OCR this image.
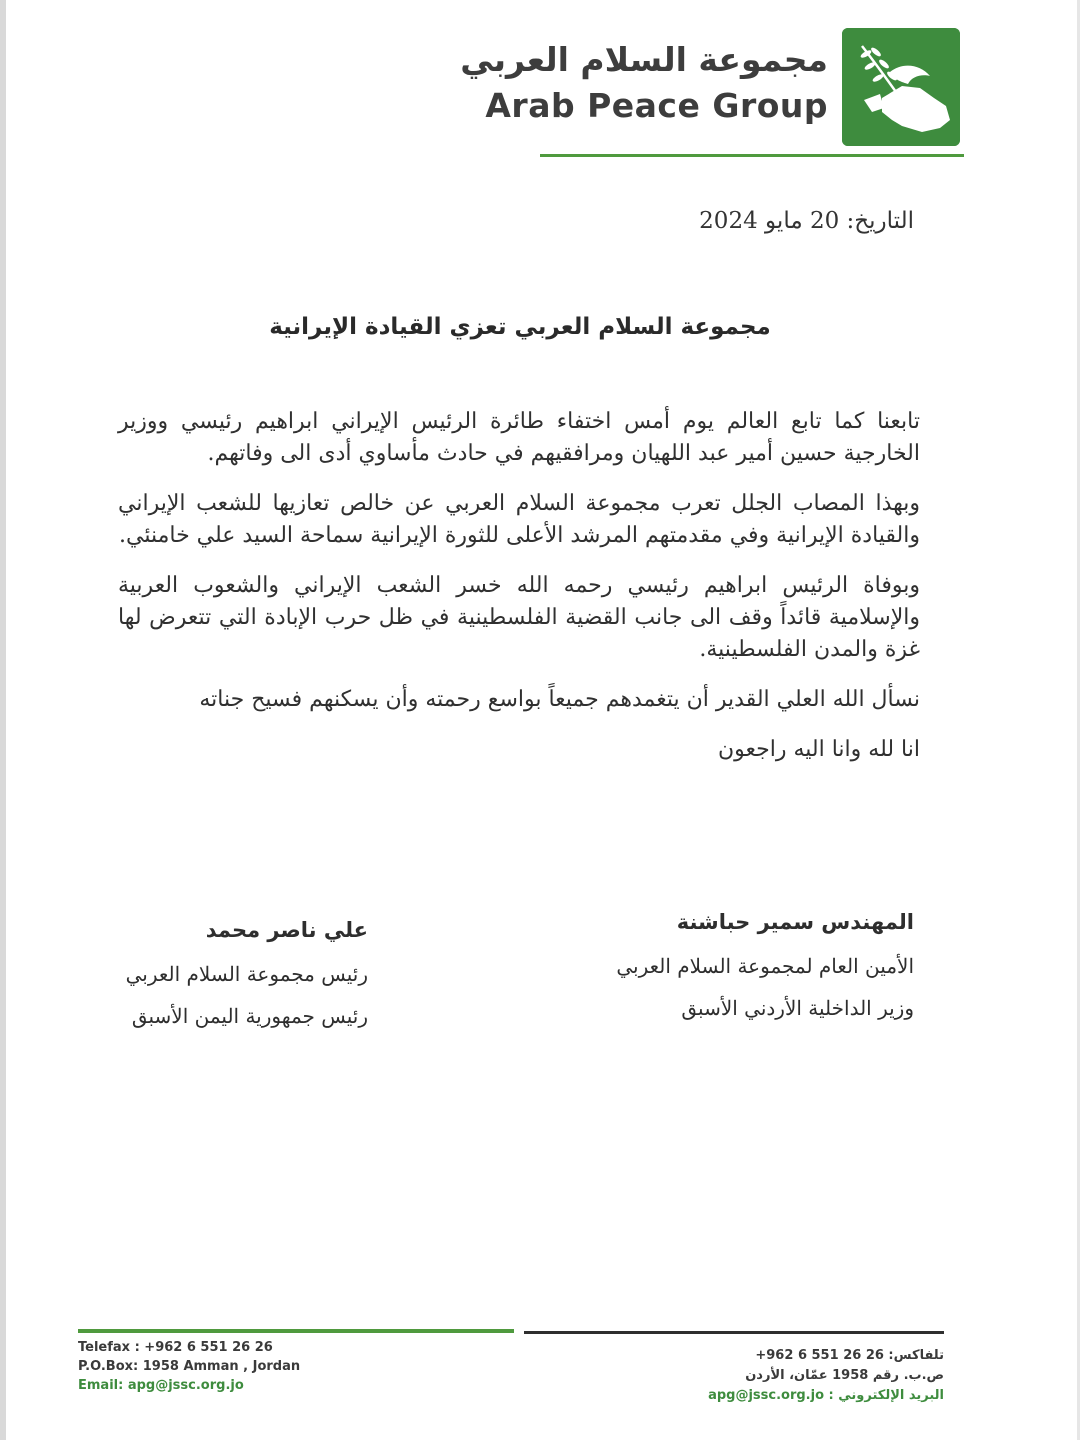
مجموعة السلام العربي
Arab Peace Group
التاريخ: 20 مايو 2024
مجموعة السلام العربي تعزي القيادة الإيرانية

تابعنا كما تابع العالم يوم أمس اختفاء طائرة الرئيس الإيراني ابراهيم رئيسي ووزير الخارجية حسين أمير عبد اللهيان ومرافقيهم في حادث مأساوي أدى الى وفاتهم.

وبهذا المصاب الجلل تعرب مجموعة السلام العربي عن خالص تعازيها للشعب الإيراني والقيادة الإيرانية وفي مقدمتهم المرشد الأعلى للثورة الإيرانية سماحة السيد علي خامنئي.

وبوفاة الرئيس ابراهيم رئيسي رحمه الله خسر الشعب الإيراني والشعوب العربية والإسلامية قائداً وقف الى جانب القضية الفلسطينية في ظل حرب الإبادة التي تتعرض لها غزة والمدن الفلسطينية.

نسأل الله العلي القدير أن يتغمدهم جميعاً بواسع رحمته وأن يسكنهم فسيح جناته

انا لله وانا اليه راجعون

المهندس سمير حباشنة
الأمين العام لمجموعة السلام العربي
وزير الداخلية الأردني الأسبق
علي ناصر محمد
رئيس مجموعة السلام العربي
رئيس جمهورية اليمن الأسبق
Telefax : +962 6 551 26 26
P.O.Box: 1958 Amman , Jordan
Email: apg@jssc.org.jo
تلفاكس: 26 26 551 6 962+
ص.ب. رقم 1958 عمّان، الأردن
البريد الإلكتروني : apg@jssc.org.jo
